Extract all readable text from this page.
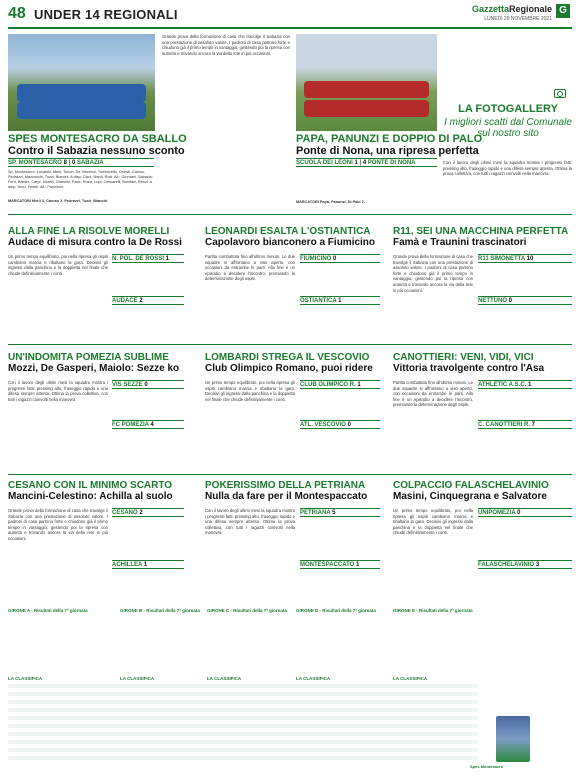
48 UNDER 14 REGIONALI	GazzettaRegionale G
LUNEDÌ 29 NOVEMBRE 2021
LA FOTOGALLERY
I migliori scatti dal Comunale sul nostro sito
SPES MONTESACRO DA SBALLO
Contro il Sabazia nessuno sconto
SP. MONTESACRO 8 | 0 SABAZIA
Sp. Montesacro: Lucarelli, Merli, Tonon, De Vincenzi, Tumbarello, Onesti, Caruso, Pedrazzi, Mazzocchi, Tuzzi, Bianchi. A disp: Ciani, Nardi, Rosi. All.: Giordani. Sabazia: Ferri, Baldini, Carpi, Morelli, Giannini, Pace, Rossi, Lupi, Ceccarelli, Bonifazi, Renzi. A disp: Tocci, Fedeli. All.: Panzironi.
MARCATORI Merli 3, Caruso 2, Pedrazzi, Tuzzi, Bianchi.
Grande prova della formazione di casa che travolge il Sabazia con una prestazione di assoluto valore. I padroni di casa partono forte e chiudono già il primo tempo in vantaggio, gestendo poi la ripresa con autorità e trovando ancora la via della rete in più occasioni.
PAPA, PANUNZI E DOPPIO DI PALO
Ponte di Nona, una ripresa perfetta
SCUOLA DEI LEONI 1 | 4 PONTE DI NONA
MARCATORI Papa, Panunzi, Di Palo 2.
Con il lavoro degli ultimi mesi la squadra mostra i progressi fatti: pressing alto, fraseggio rapido e una difesa sempre attenta. Ottima la prova collettiva, con tutti i ragazzi coinvolti nella manovra.
ALLA FINE LA RISOLVE MORELLI
Audace di misura contro la De Rossi
Un primo tempo equilibrato, poi nella ripresa gli ospiti cambiano marcia e ribaltano la gara. Decisivi gli ingressi dalla panchina e la doppietta nel finale che chiude definitivamente i conti.
N. POL. DE ROSSI 1
AUDACE 2
LEONARDI ESALTA L'OSTIANTICA
Capolavoro bianconero a Fiumicino
Partita combattuta fino all'ultimo minuto. Le due squadre si affrontano a viso aperto, con occasioni da entrambe le parti. Alla fine è un episodio a decidere l'incontro, premiando la determinazione degli ospiti.
FIUMICINO 0
OSTIANTICA 1
R11, SEI UNA MACCHINA PERFETTA
Famà e Traunini trascinatori
Grande prova della formazione di casa che travolge il Sabazia con una prestazione di assoluto valore. I padroni di casa partono forte e chiudono già il primo tempo in vantaggio, gestendo poi la ripresa con autorità e trovando ancora la via della rete in più occasioni.
R11 SIMONETTA 10
NETTUNO 0
UN'INDOMITA POMEZIA SUBLIME
Mozzi, De Gasperi, Maiolo: Sezze ko
Con il lavoro degli ultimi mesi la squadra mostra i progressi fatti: pressing alto, fraseggio rapido e una difesa sempre attenta. Ottima la prova collettiva, con tutti i ragazzi coinvolti nella manovra.
VIS SEZZE 0
FC POMEZIA 4
LOMBARDI STREGA IL VESCOVIO
Club Olimpico Romano, puoi ridere
Un primo tempo equilibrato, poi nella ripresa gli ospiti cambiano marcia e ribaltano la gara. Decisivi gli ingressi dalla panchina e la doppietta nel finale che chiude definitivamente i conti.
CLUB OLIMPICO R. 1
ATL. VESCOVIO 0
CANOTTIERI: VENI, VIDI, VICI
Vittoria travolgente contro l'Asa
Partita combattuta fino all'ultimo minuto. Le due squadre si affrontano a viso aperto, con occasioni da entrambe le parti. Alla fine è un episodio a decidere l'incontro, premiando la determinazione degli ospiti.
ATHLETIC A.S.C. 1
C. CANOTTIERI R. 7
CESANO CON IL MINIMO SCARTO
Mancini-Celestino: Achilla al suolo
Grande prova della formazione di casa che travolge il Sabazia con una prestazione di assoluto valore. I padroni di casa partono forte e chiudono già il primo tempo in vantaggio, gestendo poi la ripresa con autorità e trovando ancora la via della rete in più occasioni.
CESANO 2
ACHILLEA 1
POKERISSIMO DELLA PETRIANA
Nulla da fare per il Montespaccato
Con il lavoro degli ultimi mesi la squadra mostra i progressi fatti: pressing alto, fraseggio rapido e una difesa sempre attenta. Ottima la prova collettiva, con tutti i ragazzi coinvolti nella manovra.
PETRIANA 5
MONTESPACCATO 1
COLPACCIO FALASCHELAVINIO
Masini, Cinquegrana e Salvatore
Un primo tempo equilibrato, poi nella ripresa gli ospiti cambiano marcia e ribaltano la gara. Decisivi gli ingressi dalla panchina e la doppietta nel finale che chiude definitivamente i conti.
UNIPOMEZIA 0
FALASCHELAVINIO 3
GIRONE A - Risultati della 7ª giornata	GIRONE B - Risultati della 7ª giornata GIRONE C - Risultati della 7ª giornata GIRONE D - Risultati della 7ª giornata	GIRONE E - Risultati della 7ª giornata
LA CLASSIFICA	LA CLASSIFICA	LA CLASSIFICA	LA CLASSIFICA	LA CLASSIFICA
Spes Montesacro
